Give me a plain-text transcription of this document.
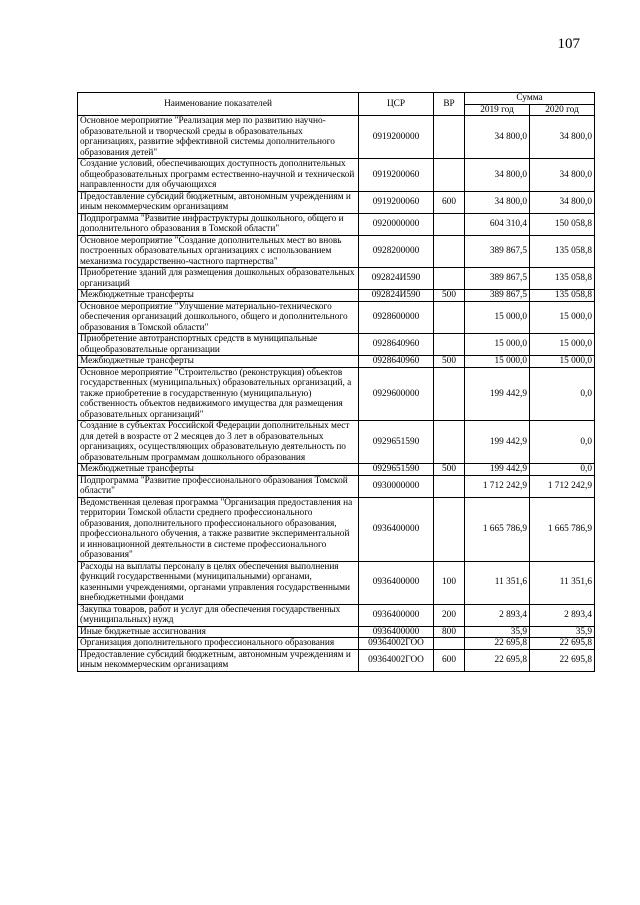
107
Наименование показателей	ЦСР	ВР	Сумма	
			2019 год	2020 год
Основное мероприятие "Реализация мер по развитию научно-образовательной и творческой среды в образовательных организациях, развитие эффективной системы дополнительного образования детей"	0919200000		34 800,0	34 800,0
Создание условий, обеспечивающих доступность дополнительных общеобразовательных программ естественно-научной и технической направленности для обучающихся	0919200060		34 800,0	34 800,0
Предоставление субсидий бюджетным, автономным учреждениям и иным некоммерческим организациям	0919200060	600	34 800,0	34 800,0
Подпрограмма "Развитие инфраструктуры дошкольного, общего и дополнительного образования в Томской области"	0920000000		604 310,4	150 058,8
Основное мероприятие "Создание дополнительных мест во вновь построенных образовательных организациях с использованием механизма государственно-частного партнерства"	0928200000		389 867,5	135 058,8
Приобретение зданий для размещения дошкольных образовательных организаций	092824И590		389 867,5	135 058,8
Межбюджетные трансферты	092824И590	500	389 867,5	135 058,8
Основное мероприятие "Улучшение материально-технического обеспечения организаций дошкольного, общего и дополнительного образования в Томской области"	0928600000		15 000,0	15 000,0
Приобретение автотранспортных средств в муниципальные общеобразовательные организации	0928640960		15 000,0	15 000,0
Межбюджетные трансферты	0928640960	500	15 000,0	15 000,0
Основное мероприятие "Строительство (реконструкция) объектов государственных (муниципальных) образовательных организаций, а также приобретение в государственную (муниципальную) собственность объектов недвижимого имущества для размещения образовательных организаций"	0929600000		199 442,9	0,0
Создание в субъектах Российской Федерации дополнительных мест для детей в возрасте от 2 месяцев до 3 лет в образовательных организациях, осуществляющих образовательную деятельность по образовательным программам дошкольного образования	0929651590		199 442,9	0,0
Межбюджетные трансферты	0929651590	500	199 442,9	0,0
Подпрограмма "Развитие профессионального образования Томской области"	0930000000		1 712 242,9	1 712 242,9
Ведомственная целевая программа "Организация предоставления на территории Томской области среднего профессионального образования, дополнительного профессионального образования, профессионального обучения, а также развитие экспериментальной и инновационной деятельности в системе профессионального образования"	0936400000		1 665 786,9	1 665 786,9
Расходы на выплаты персоналу в целях обеспечения выполнения функций государственными (муниципальными) органами, казенными учреждениями, органами управления государственными внебюджетными фондами	0936400000	100	11 351,6	11 351,6
Закупка товаров, работ и услуг для обеспечения государственных (муниципальных) нужд	0936400000	200	2 893,4	2 893,4
Иные бюджетные ассигнования	0936400000	800	35,9	35,9
Организация дополнительного профессионального образования	09364002ГОО		22 695,8	22 695,8
Предоставление субсидий бюджетным, автономным учреждениям и иным некоммерческим организациям	09364002ГОО	600	22 695,8	22 695,8
